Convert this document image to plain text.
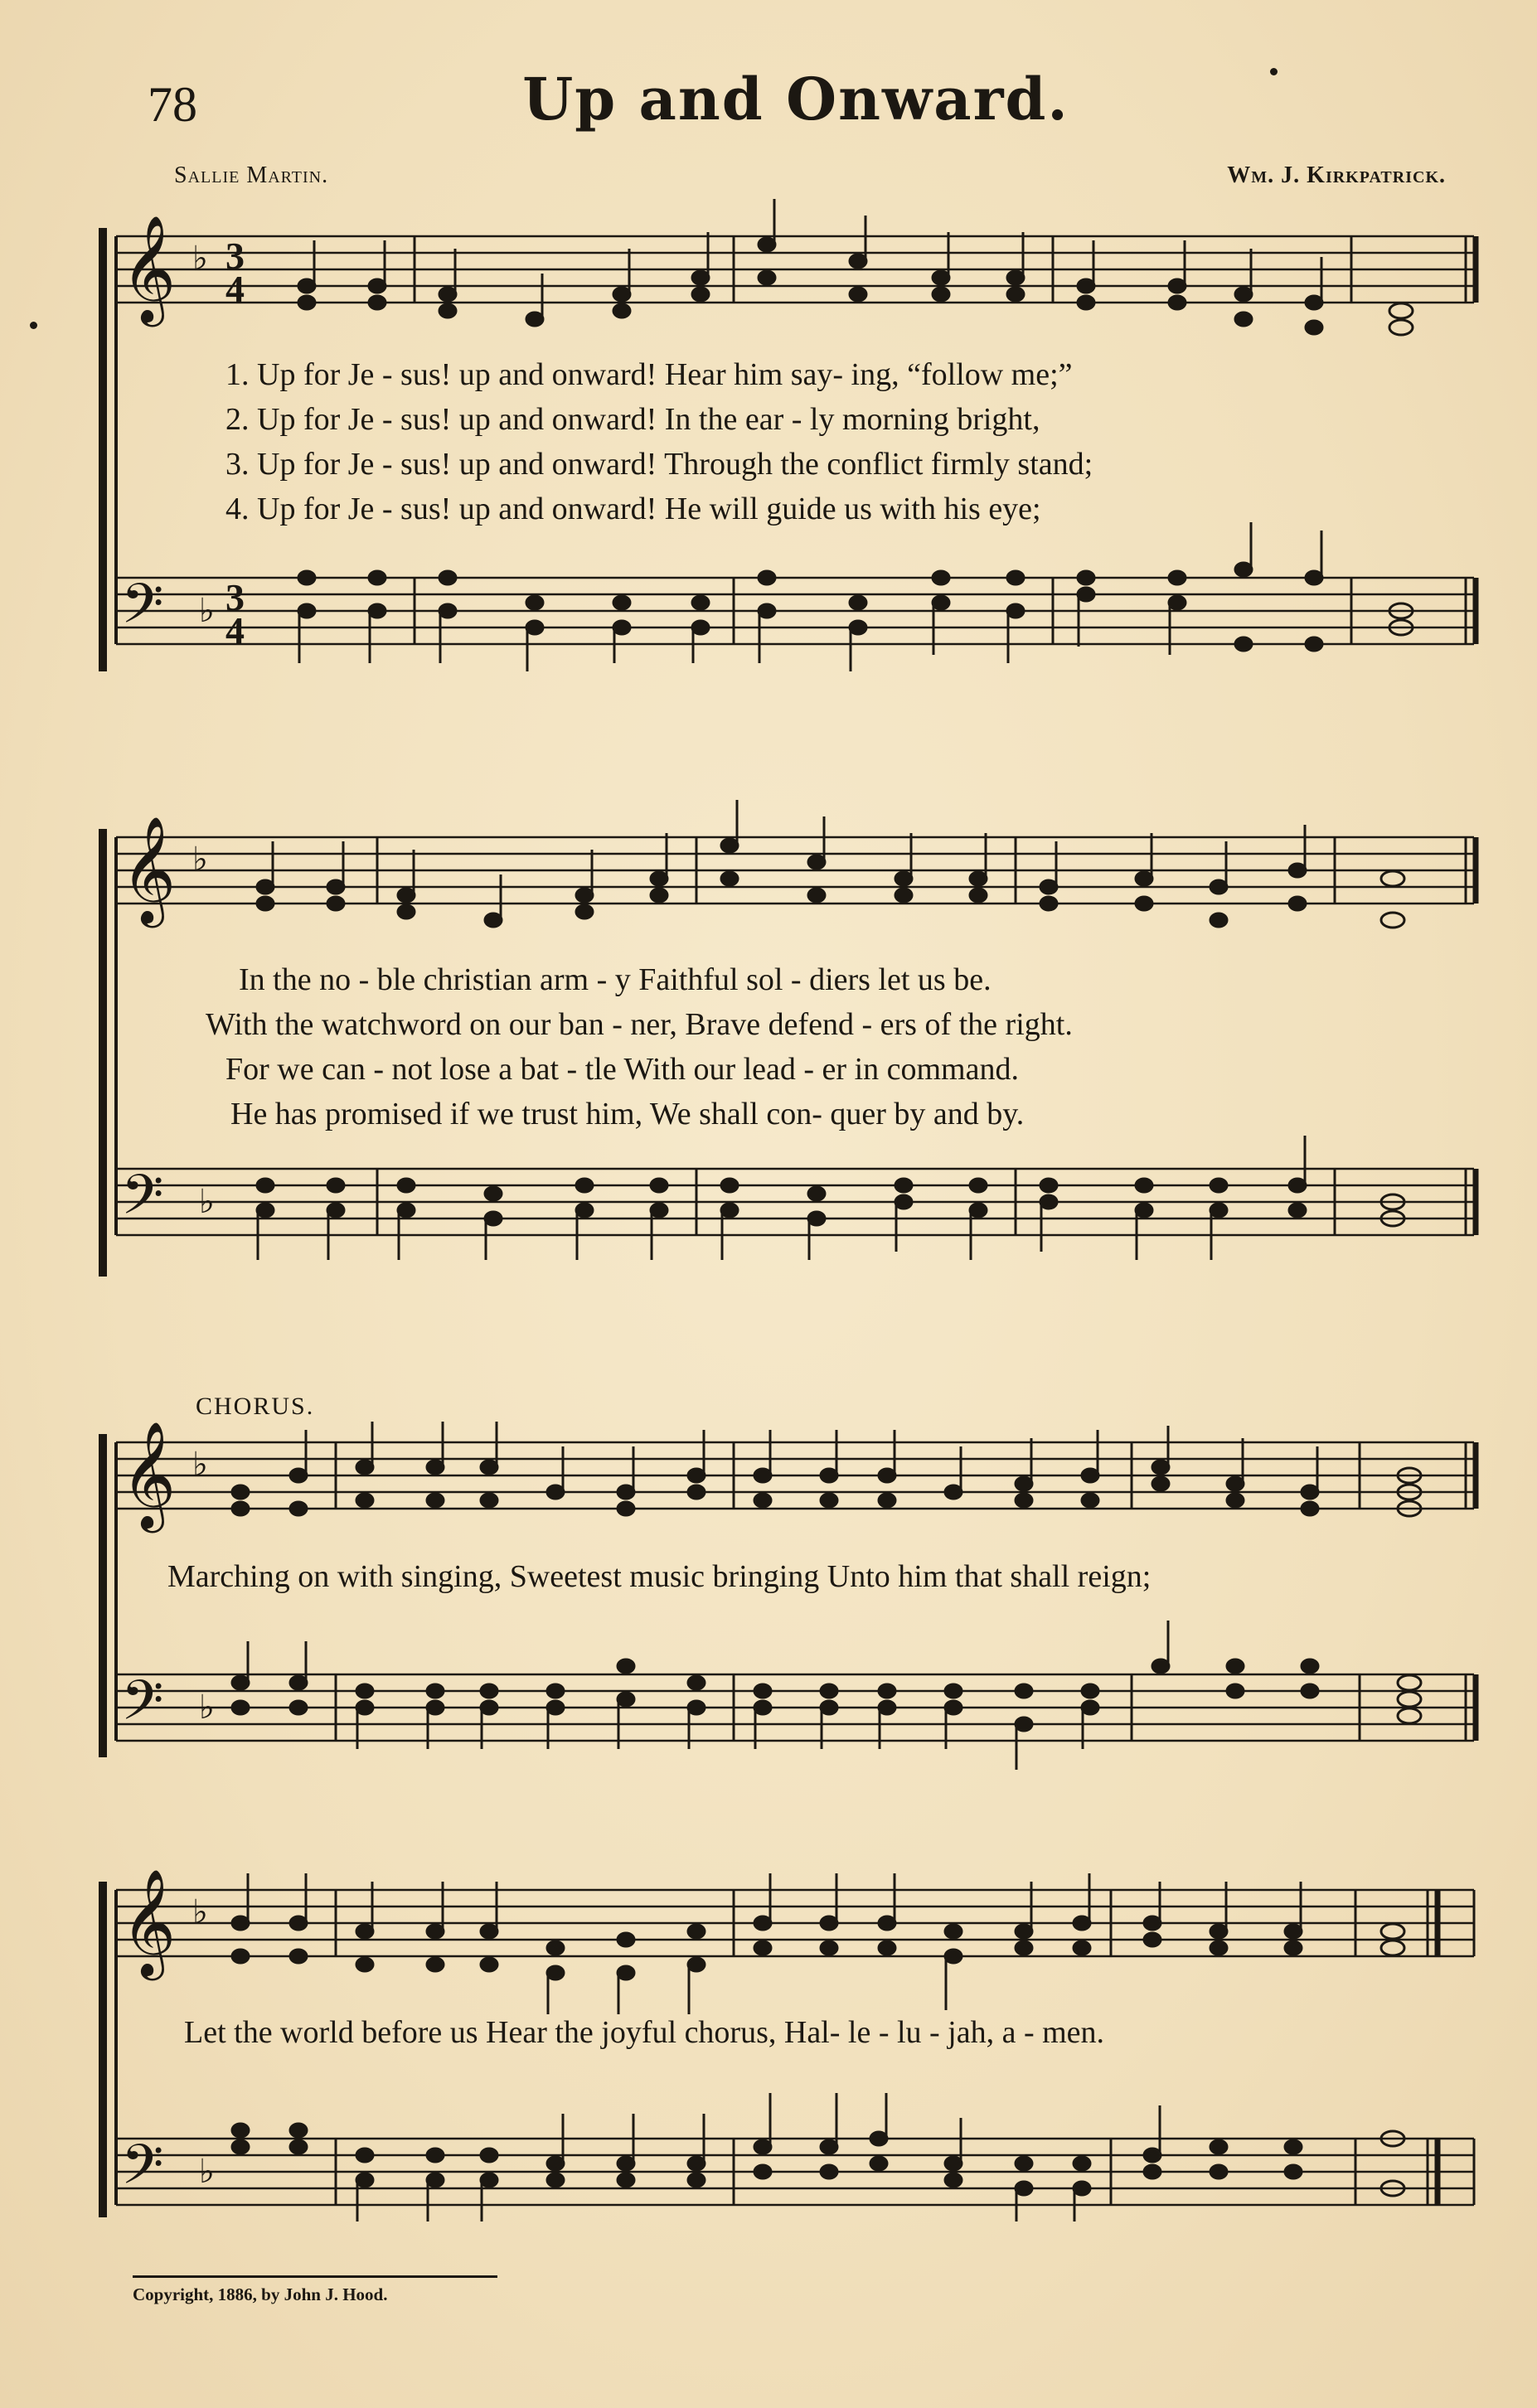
78	Up and Onward.
Sallie Martin.	Wm. J. Kirkpatrick.
𝄞
𝄢
♭
♭
3
4
3
4
1. Up for Je - sus! up and onward! Hear him say- ing, “follow me;”
2. Up for Je - sus! up and onward! In the ear - ly morning bright,
3. Up for Je - sus! up and onward! Through the conflict firmly stand;
4. Up for Je - sus! up and onward! He will guide us with his eye;
𝄞
𝄢
♭
♭
In the no - ble christian arm - y Faithful sol - diers let us be.
With the watchword on our ban - ner, Brave defend - ers of the right.
For we can - not lose a bat - tle With our lead - er in command.
He has promised if we trust him, We shall con- quer by and by.
CHORUS.
𝄞
𝄢
♭
♭
Marching on with singing, Sweetest music bringing Unto him that shall reign;
𝄞
𝄢
♭
♭
Let the world before us Hear the joyful chorus, Hal- le - lu - jah, a - men.
Copyright, 1886, by John J. Hood.
